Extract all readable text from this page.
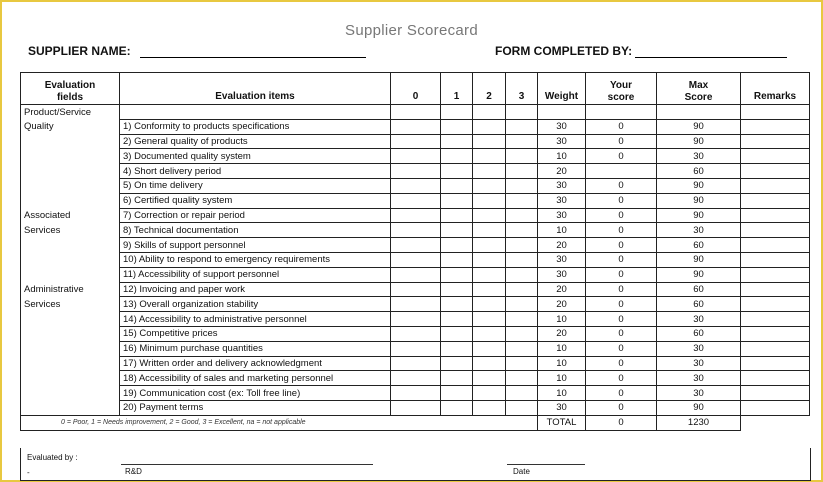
Supplier Scorecard
SUPPLIER NAME:	FORM COMPLETED BY:
Evaluation fields	Evaluation items	0	1	2	3	Weight	Your score	Max Score	Remarks
Product/Service									
Quality	1) Conformity to products specifications					30	0	90	
	2) General quality of products					30	0	90	
	3) Documented quality system					10	0	30	
	4) Short delivery period					20		60	
	5) On time delivery					30	0	90	
	6) Certified quality system					30	0	90	
Associated	7) Correction or repair period					30	0	90	
Services	8) Technical documentation					10	0	30	
	9) Skills of support personnel					20	0	60	
	10) Ability to respond to emergency requirements					30	0	90	
	11) Accessibility of support personnel					30	0	90	
Administrative	12) Invoicing and paper work					20	0	60	
Services	13) Overall organization stability					20	0	60	
	14) Accessibility to administrative personnel					10	0	30	
	15) Competitive prices					20	0	60	
	16) Minimum purchase quantities					10	0	30	
	17) Written order and delivery acknowledgment					10	0	30	
	18) Accessibility of sales and marketing personnel					10	0	30	
	19) Communication cost (ex: Toll free line)					10	0	30	
	20) Payment terms					30	0	90	
0 = Poor, 1 = Needs improvement, 2 = Good, 3 = Excellent, na = not applicable						TOTAL	0	1230	
Evaluated by :
-	R&D	Date
